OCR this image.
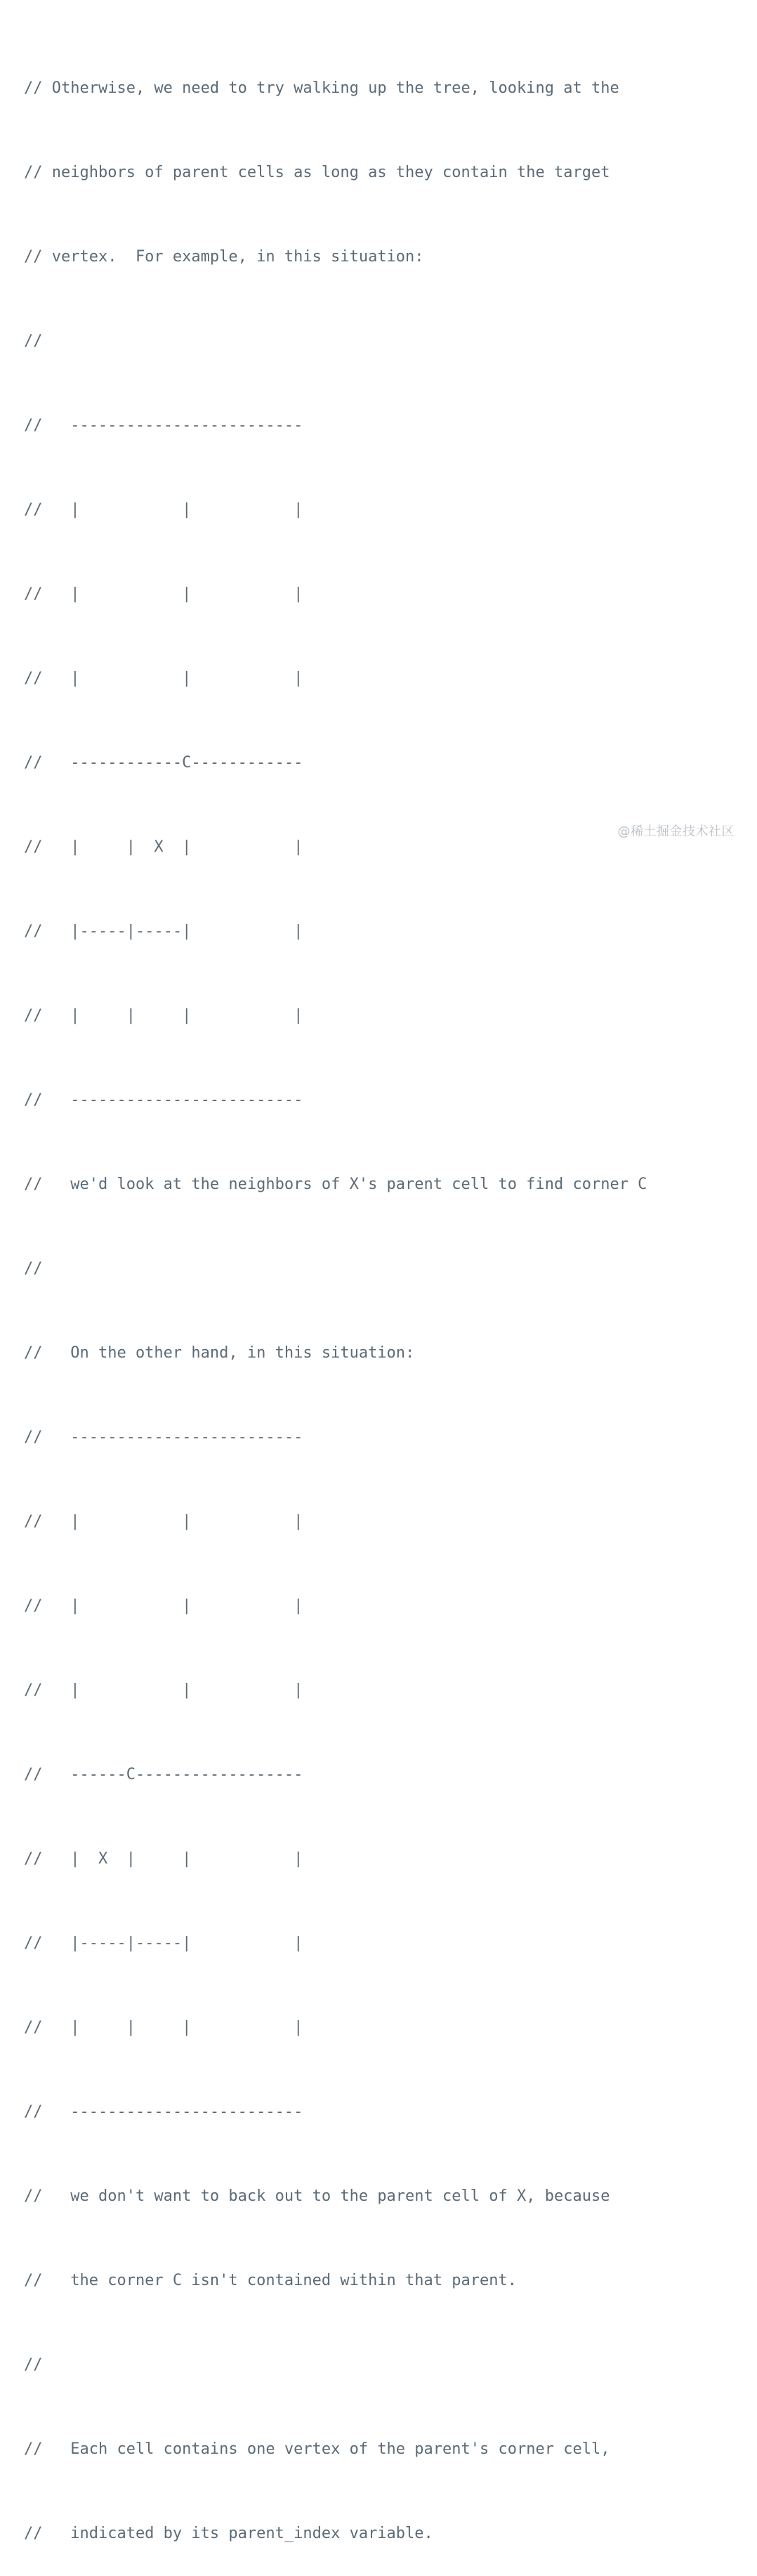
// Otherwise, we need to try walking up the tree, looking at the

// neighbors of parent cells as long as they contain the target

// vertex.  For example, in this situation:

//

//   -------------------------

//   |           |           |

//   |           |           |

//   |           |           |

//   ------------C------------

//   |     |  X  |           |

//   |-----|-----|           |

//   |     |     |           |

//   -------------------------

//   we'd look at the neighbors of X's parent cell to find corner C

//

//   On the other hand, in this situation:

//   -------------------------

//   |           |           |

//   |           |           |

//   |           |           |

//   ------C------------------

//   |  X  |     |           |

//   |-----|-----|           |

//   |     |     |           |

//   -------------------------

//   we don't want to back out to the parent cell of X, because

//   the corner C isn't contained within that parent.

//

//   Each cell contains one vertex of the parent's corner cell,

//   indicated by its parent_index variable.

@稀土掘金技术社区
